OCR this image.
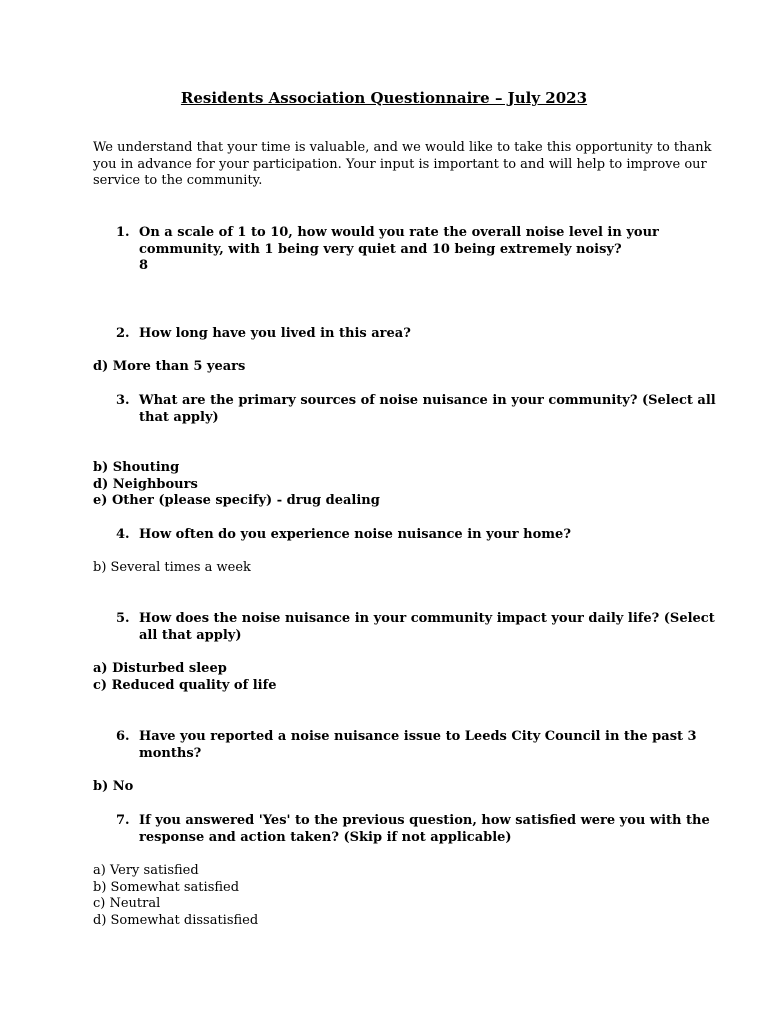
Residents Association Questionnaire – July 2023
We understand that your time is valuable, and we would like to take this opportunity to thank
you in advance for your participation. Your input is important to and will help to improve our
service to the community.
1. On a scale of 1 to 10, how would you rate the overall noise level in your
community, with 1 being very quiet and 10 being extremely noisy?
8
2. How long have you lived in this area?
d) More than 5 years
3. What are the primary sources of noise nuisance in your community? (Select all
that apply)
b) Shouting
d) Neighbours
e) Other (please specify) - drug dealing
4. How often do you experience noise nuisance in your home?
b) Several times a week
5. How does the noise nuisance in your community impact your daily life? (Select
all that apply)
a) Disturbed sleep
c) Reduced quality of life
6. Have you reported a noise nuisance issue to Leeds City Council in the past 3
months?
b) No
7. If you answered 'Yes' to the previous question, how satisfied were you with the
response and action taken? (Skip if not applicable)
a) Very satisfied
b) Somewhat satisfied
c) Neutral
d) Somewhat dissatisfied
